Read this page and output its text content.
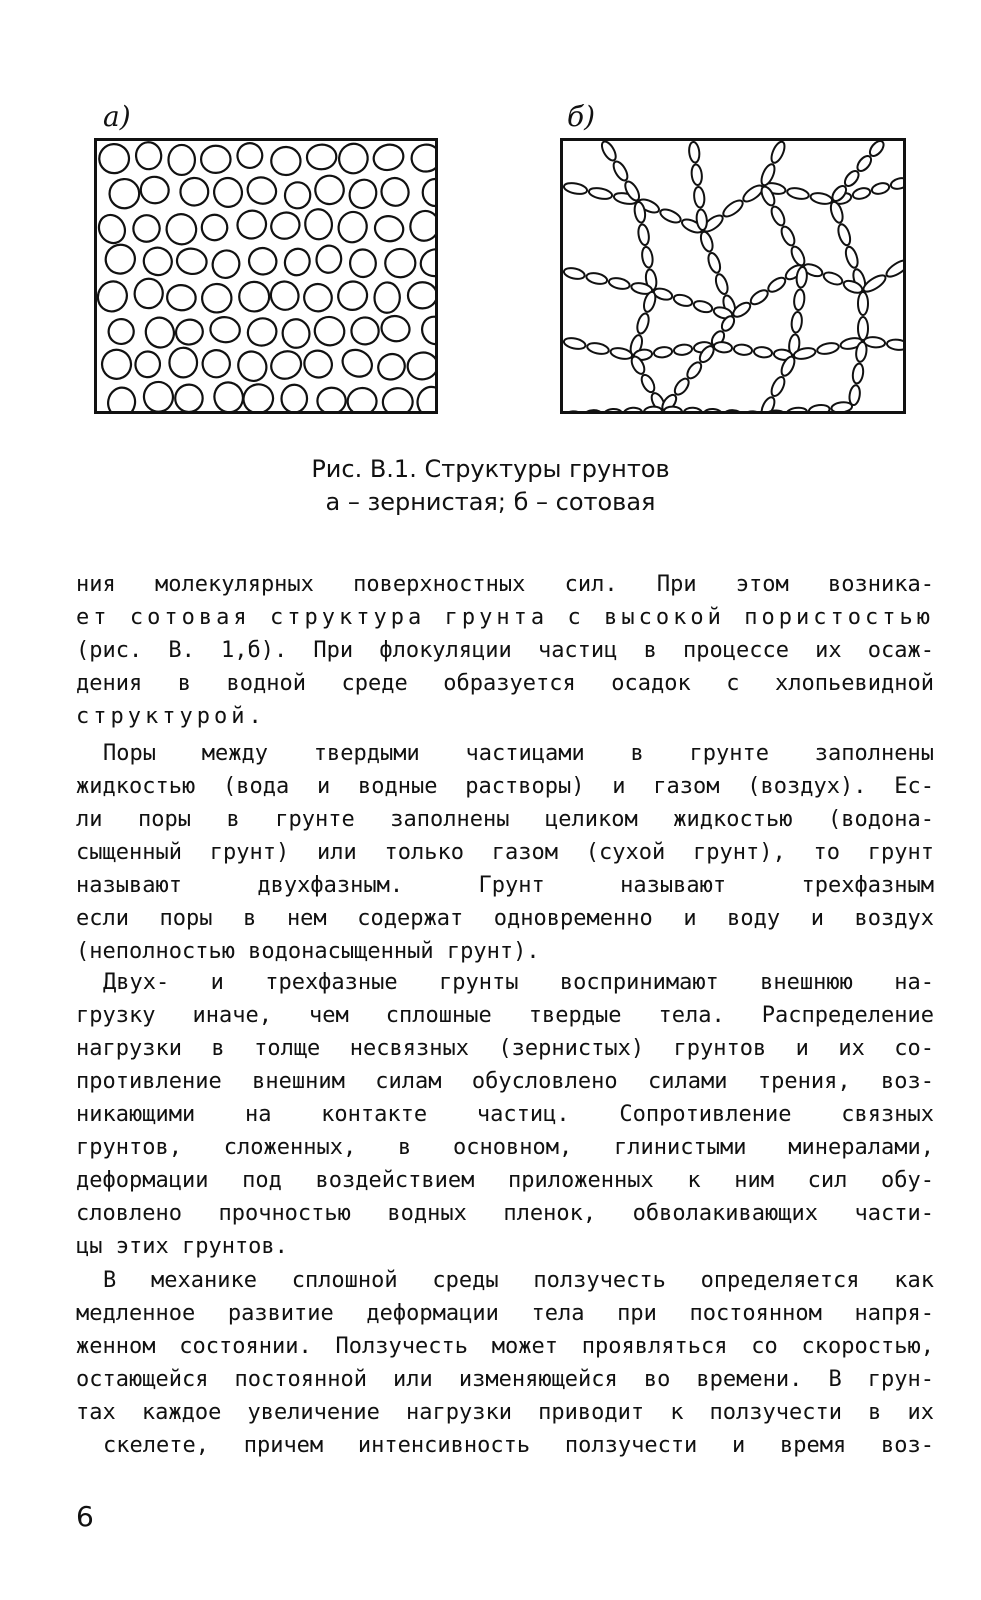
а)	б)
Рис. В.1. Структуры грунтов
а – зернистая; б – сотовая
ния молекулярных поверхностных сил. При этом возника-
ет сотовая структура грунта с высокой пористостью
(рис. В. 1,б). При флокуляции частиц в процессе их осаж-
дения в водной среде образуется осадок с хлопьевидной
структурой.
Поры между твердыми частицами в грунте заполнены
жидкостью (вода и водные растворы) и газом (воздух). Ес-
ли поры в грунте заполнены целиком жидкостью (водона-
сыщенный грунт) или только газом (сухой грунт), то грунт
называют двухфазным. Грунт называют трехфазным
если поры в нем содержат одновременно и воду и воздух
(неполностью водонасыщенный грунт).
Двух- и трехфазные грунты воспринимают внешнюю на-
грузку иначе, чем сплошные твердые тела. Распределение
нагрузки в толще несвязных (зернистых) грунтов и их со-
противление внешним силам обусловлено силами трения, воз-
никающими на контакте частиц. Сопротивление связных
грунтов, сложенных, в основном, глинистыми минералами,
деформации под воздействием приложенных к ним сил обу-
словлено прочностью водных пленок, обволакивающих части-
цы этих грунтов.
В механике сплошной среды ползучесть определяется как
медленное развитие деформации тела при постоянном напря-
женном состоянии. Ползучесть может проявляться со скоростью,
остающейся постоянной или изменяющейся во времени. В грун-
тах каждое увеличение нагрузки приводит к ползучести в их
скелете, причем интенсивность ползучести и время воз-
6
